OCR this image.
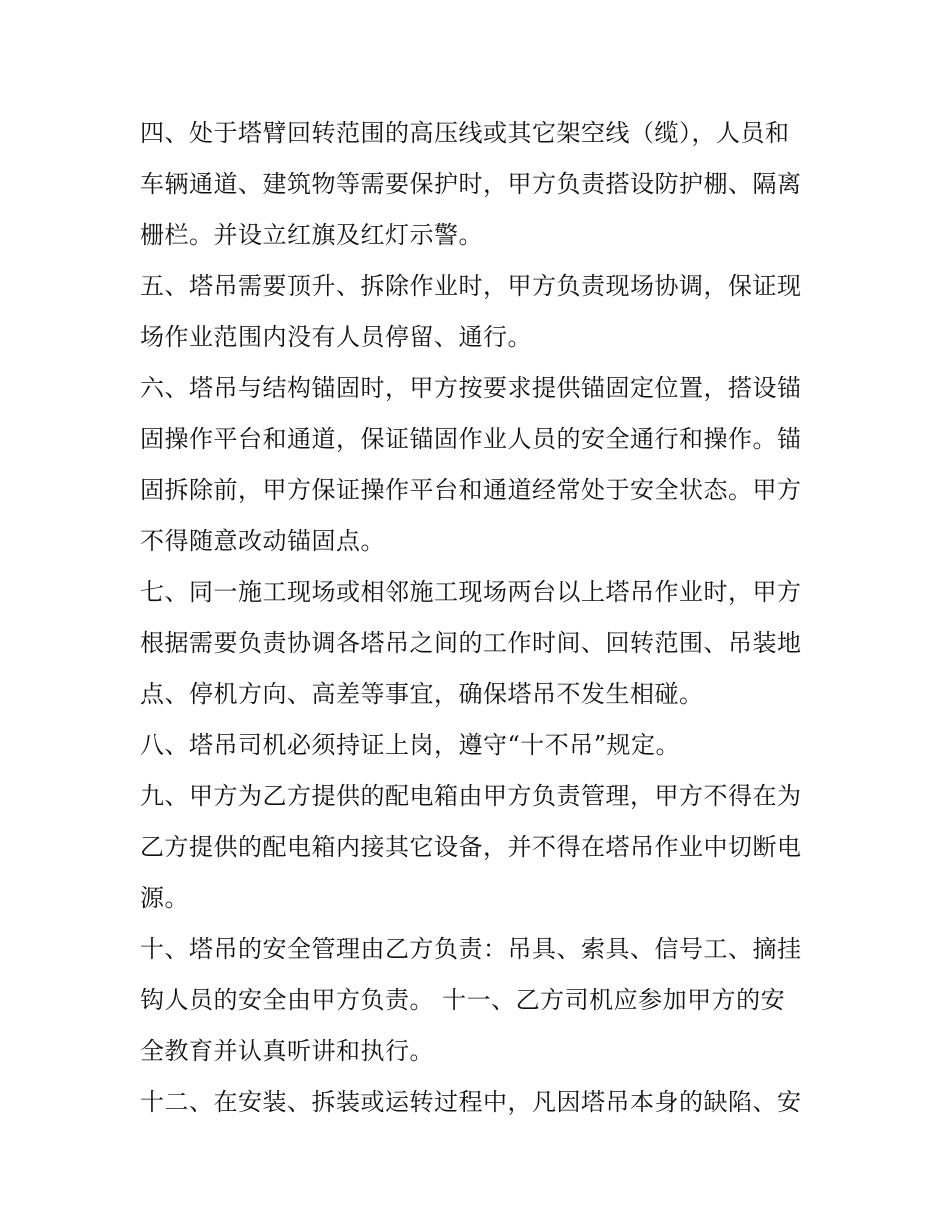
四、处于塔臂回转范围的高压线或其它架空线（缆），人员和
车辆通道、建筑物等需要保护时，甲方负责搭设防护棚、隔离
栅栏。并设立红旗及红灯示警。
五、塔吊需要顶升、拆除作业时，甲方负责现场协调，保证现
场作业范围内没有人员停留、通行。
六、塔吊与结构锚固时，甲方按要求提供锚固定位置，搭设锚
固操作平台和通道，保证锚固作业人员的安全通行和操作。锚
固拆除前，甲方保证操作平台和通道经常处于安全状态。甲方
不得随意改动锚固点。
七、同一施工现场或相邻施工现场两台以上塔吊作业时，甲方
根据需要负责协调各塔吊之间的工作时间、回转范围、吊装地
点、停机方向、高差等事宜，确保塔吊不发生相碰。
八、塔吊司机必须持证上岗，遵守“十不吊”规定。
九、甲方为乙方提供的配电箱由甲方负责管理，甲方不得在为
乙方提供的配电箱内接其它设备，并不得在塔吊作业中切断电
源。
十、塔吊的安全管理由乙方负责：吊具、索具、信号工、摘挂
钩人员的安全由甲方负责。 十一、乙方司机应参加甲方的安
全教育并认真听讲和执行。
十二、在安装、拆装或运转过程中，凡因塔吊本身的缺陷、安
